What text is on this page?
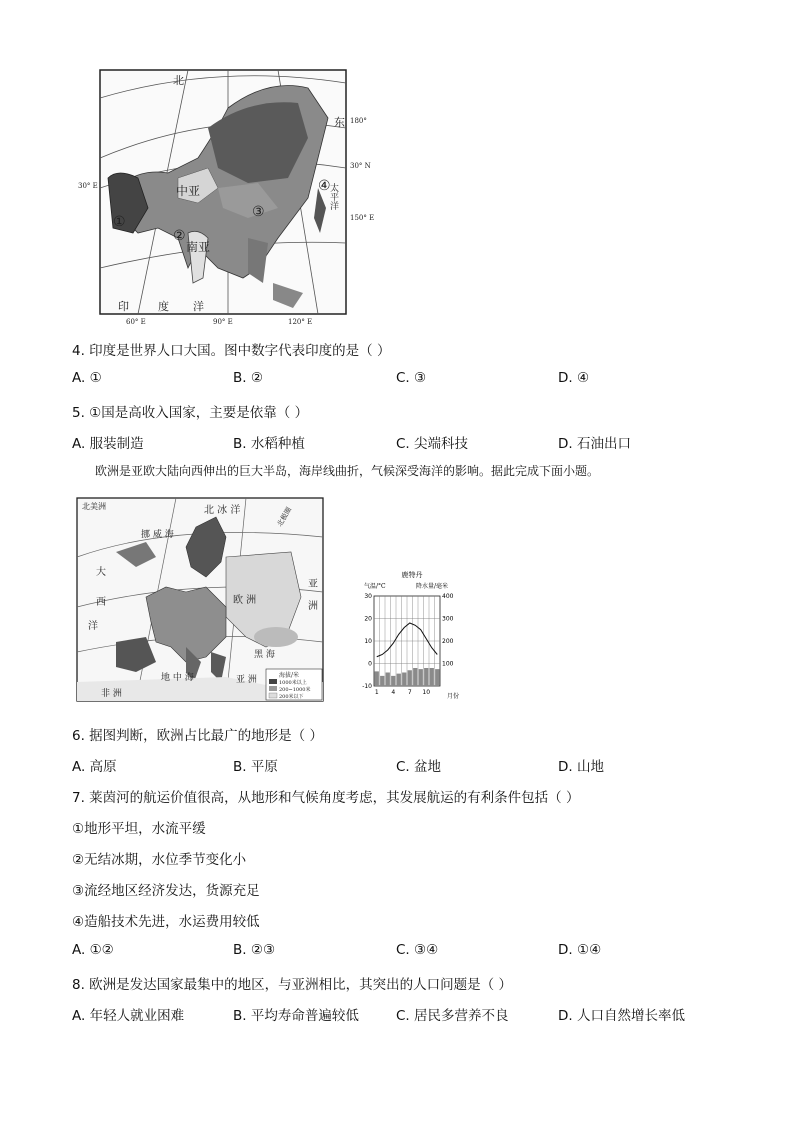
中亚
南亚
①
②
③
④
北
东
太平洋
印	度 洋
30° N
150° E
180°
30° E
60° E	90° E	120° E
4. 印度是世界人口大国。图中数字代表印度的是（ ）
A. ①	B. ②	C. ③	D. ④
5. ①国是高收入国家，主要是依靠（ ）
A. 服装制造	B. 水稻种植	C. 尖端科技	D. 石油出口
欧洲是亚欧大陆向西伸出的巨大半岛，海岸线曲折，气候深受海洋的影响。据此完成下面小题。
北美洲	北 冰 洋
挪 威 海
北极圈
大
西
洋
欧 洲
亚
洲
黑 海
地 中 海	亚 洲
非 洲
海拔/米
1000米以上
200~1000米
200米以下
鹿特丹
气温/°C	降水量/毫米
30
20
10
0
-10
400
300
200
100
1 4 7 10
月份
6. 据图判断，欧洲占比最广的地形是（ ）
A. 高原	B. 平原	C. 盆地	D. 山地
7. 莱茵河的航运价值很高，从地形和气候角度考虑，其发展航运的有利条件包括（ ）
①地形平坦，水流平缓
②无结冰期，水位季节变化小
③流经地区经济发达，货源充足
④造船技术先进，水运费用较低
A. ①②	B. ②③	C. ③④	D. ①④
8. 欧洲是发达国家最集中的地区，与亚洲相比，其突出的人口问题是（ ）
A. 年轻人就业困难	B. 平均寿命普遍较低	C. 居民多营养不良	D. 人口自然增长率低
